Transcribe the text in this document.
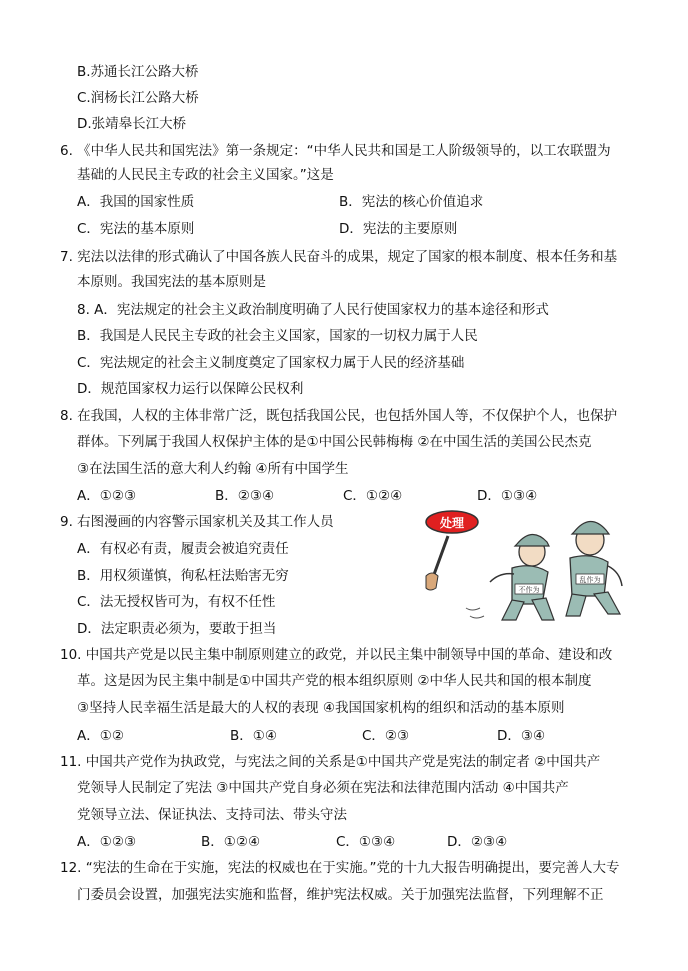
B.苏通长江公路大桥
C.润杨长江公路大桥
D.张靖皋长江大桥
6. 《中华人民共和国宪法》第一条规定：“中华人民共和国是工人阶级领导的，以工农联盟为
基础的人民民主专政的社会主义国家。”这是
A．我国的国家性质	B．宪法的核心价值追求
C．宪法的基本原则	D．宪法的主要原则
7. 宪法以法律的形式确认了中国各族人民奋斗的成果，规定了国家的根本制度、根本任务和基
本原则。我国宪法的基本原则是
8. A．宪法规定的社会主义政治制度明确了人民行使国家权力的基本途径和形式
B．我国是人民民主专政的社会主义国家，国家的一切权力属于人民
C．宪法规定的社会主义制度奠定了国家权力属于人民的经济基础
D．规范国家权力运行以保障公民权利
8. 在我国，人权的主体非常广泛，既包括我国公民，也包括外国人等，不仅保护个人，也保护
群体。下列属于我国人权保护主体的是①中国公民韩梅梅 ②在中国生活的美国公民杰克
③在法国生活的意大利人约翰 ④所有中国学生
A．①②③	B．②③④	C．①②④	D．①③④
9. 右图漫画的内容警示国家机关及其工作人员
A．有权必有责，履责会被追究责任
B．用权须谨慎，徇私枉法贻害无穷
C．法无授权皆可为，有权不任性
D．法定职责必须为，要敢于担当
处理
不作为
乱作为
10. 中国共产党是以民主集中制原则建立的政党，并以民主集中制领导中国的革命、建设和改
革。这是因为民主集中制是①中国共产党的根本组织原则 ②中华人民共和国的根本制度
③坚持人民幸福生活是最大的人权的表现 ④我国国家机构的组织和活动的基本原则
A．①②	B．①④	C．②③	D．③④
11. 中国共产党作为执政党，与宪法之间的关系是①中国共产党是宪法的制定者 ②中国共产
党领导人民制定了宪法 ③中国共产党自身必须在宪法和法律范围内活动 ④中国共产
党领导立法、保证执法、支持司法、带头守法
A．①②③	B．①②④	C．①③④	D．②③④
12. “宪法的生命在于实施，宪法的权威也在于实施。”党的十九大报告明确提出，要完善人大专
门委员会设置，加强宪法实施和监督，维护宪法权威。关于加强宪法监督，下列理解不正
